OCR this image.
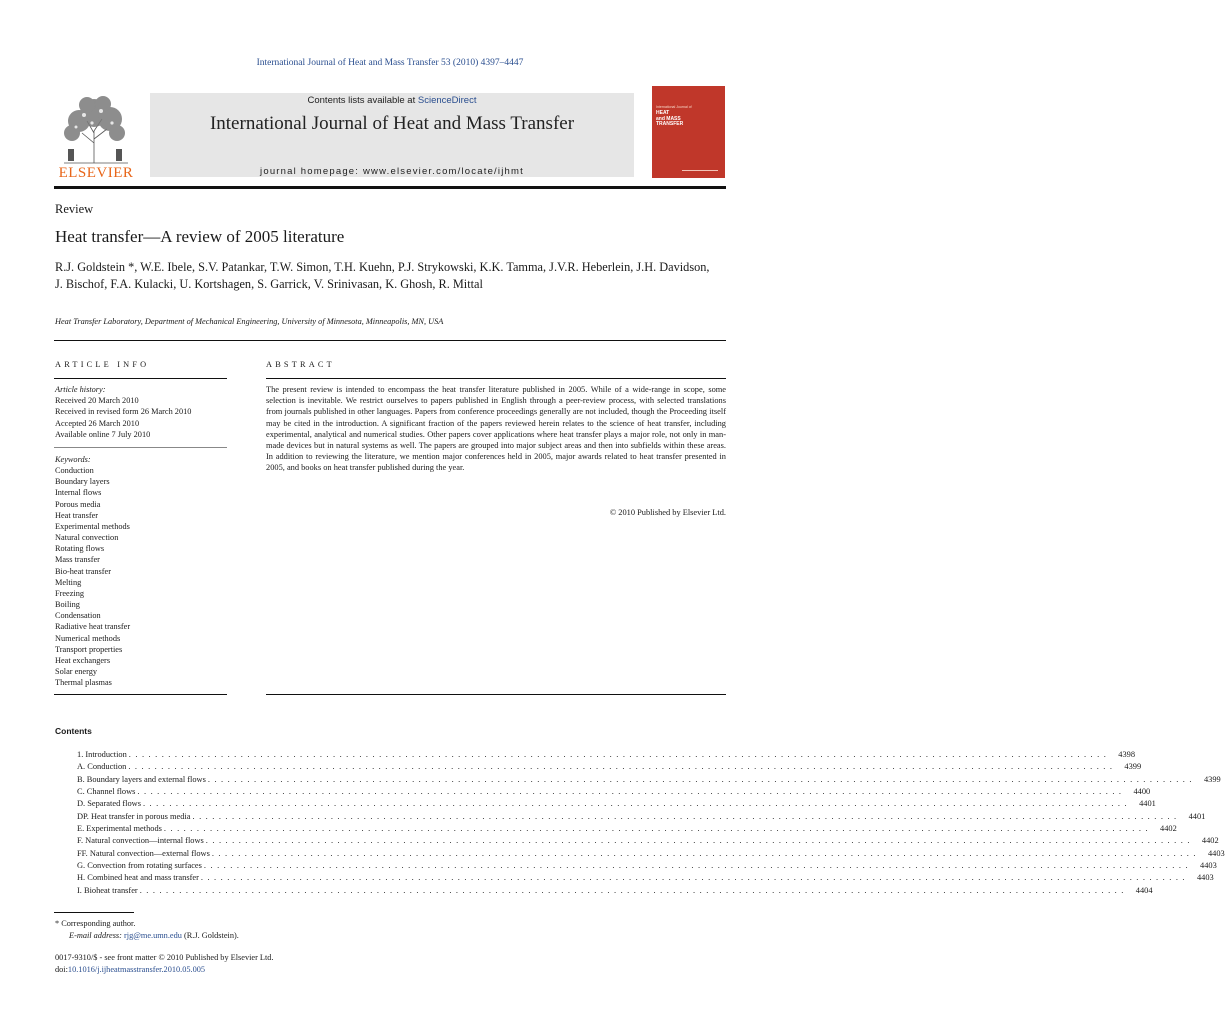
International Journal of Heat and Mass Transfer 53 (2010) 4397–4447
ELSEVIER
Contents lists available at ScienceDirect
International Journal of Heat and Mass Transfer
journal homepage: www.elsevier.com/locate/ijhmt
International Journal of
HEAT
and MASS
TRANSFER
Review
Heat transfer—A review of 2005 literature
R.J. Goldstein *, W.E. Ibele, S.V. Patankar, T.W. Simon, T.H. Kuehn, P.J. Strykowski, K.K. Tamma, J.V.R. Heberlein, J.H. Davidson, J. Bischof, F.A. Kulacki, U. Kortshagen, S. Garrick, V. Srinivasan, K. Ghosh, R. Mittal
Heat Transfer Laboratory, Department of Mechanical Engineering, University of Minnesota, Minneapolis, MN, USA
ARTICLE INFO	ABSTRACT
Article history:
Received 20 March 2010
Received in revised form 26 March 2010
Accepted 26 March 2010
Available online 7 July 2010
Keywords:
Conduction
Boundary layers
Internal flows
Porous media
Heat transfer
Experimental methods
Natural convection
Rotating flows
Mass transfer
Bio-heat transfer
Melting
Freezing
Boiling
Condensation
Radiative heat transfer
Numerical methods
Transport properties
Heat exchangers
Solar energy
Thermal plasmas
The present review is intended to encompass the heat transfer literature published in 2005. While of a wide-range in scope, some selection is inevitable. We restrict ourselves to papers published in English through a peer-review process, with selected translations from journals published in other languages. Papers from conference proceedings generally are not included, though the Proceeding itself may be cited in the introduction. A significant fraction of the papers reviewed herein relates to the science of heat transfer, including experimental, analytical and numerical studies. Other papers cover applications where heat transfer plays a major role, not only in man-made devices but in natural systems as well. The papers are grouped into major subject areas and then into subfields within these areas. In addition to reviewing the literature, we mention major conferences held in 2005, major awards related to heat transfer presented in 2005, and books on heat transfer published during the year.
© 2010 Published by Elsevier Ltd.
Contents
1. Introduction . . . . . . . . . . . . . . . . . . . . . . . . . . . . . . . . . . . . . . . . . . . . . . . . . . . . . . . . . . . . . . . . . . . . . . . . . . . . . . . . . . . . . . . . . . . . . . . . . . . . . . . . . . . . . . . . . . . . . . . . . . . . . . . . . . . . . . . . . . . . . . . . . . . . .	4398
A. Conduction . . . . . . . . . . . . . . . . . . . . . . . . . . . . . . . . . . . . . . . . . . . . . . . . . . . . . . . . . . . . . . . . . . . . . . . . . . . . . . . . . . . . . . . . . . . . . . . . . . . . . . . . . . . . . . . . . . . . . . . . . . . . . . . . . . . . . . . . . . . . . . . . . . . . . .	4399
B. Boundary layers and external flows . . . . . . . . . . . . . . . . . . . . . . . . . . . . . . . . . . . . . . . . . . . . . . . . . . . . . . . . . . . . . . . . . . . . . . . . . . . . . . . . . . . . . . . . . . . . . . . . . . . . . . . . . . . . . . . . . . . . . . . . . . . . . . . . . . . . . . . . . . . . . . . . . . . . . .	4399
C. Channel flows . . . . . . . . . . . . . . . . . . . . . . . . . . . . . . . . . . . . . . . . . . . . . . . . . . . . . . . . . . . . . . . . . . . . . . . . . . . . . . . . . . . . . . . . . . . . . . . . . . . . . . . . . . . . . . . . . . . . . . . . . . . . . . . . . . . . . . . . . . . . . . . . . . . . . .	4400
D. Separated flows . . . . . . . . . . . . . . . . . . . . . . . . . . . . . . . . . . . . . . . . . . . . . . . . . . . . . . . . . . . . . . . . . . . . . . . . . . . . . . . . . . . . . . . . . . . . . . . . . . . . . . . . . . . . . . . . . . . . . . . . . . . . . . . . . . . . . . . . . . . . . . . . . . . . . .	4401
DP. Heat transfer in porous media . . . . . . . . . . . . . . . . . . . . . . . . . . . . . . . . . . . . . . . . . . . . . . . . . . . . . . . . . . . . . . . . . . . . . . . . . . . . . . . . . . . . . . . . . . . . . . . . . . . . . . . . . . . . . . . . . . . . . . . . . . . . . . . . . . . . . . . . . . . . . . . . . . . . . .	4401
E. Experimental methods . . . . . . . . . . . . . . . . . . . . . . . . . . . . . . . . . . . . . . . . . . . . . . . . . . . . . . . . . . . . . . . . . . . . . . . . . . . . . . . . . . . . . . . . . . . . . . . . . . . . . . . . . . . . . . . . . . . . . . . . . . . . . . . . . . . . . . . . . . . . . . . . . . . . . .	4402
F. Natural convection—internal flows . . . . . . . . . . . . . . . . . . . . . . . . . . . . . . . . . . . . . . . . . . . . . . . . . . . . . . . . . . . . . . . . . . . . . . . . . . . . . . . . . . . . . . . . . . . . . . . . . . . . . . . . . . . . . . . . . . . . . . . . . . . . . . . . . . . . . . . . . . . . . . . . . . . . . .	4402
FF. Natural convection—external flows . . . . . . . . . . . . . . . . . . . . . . . . . . . . . . . . . . . . . . . . . . . . . . . . . . . . . . . . . . . . . . . . . . . . . . . . . . . . . . . . . . . . . . . . . . . . . . . . . . . . . . . . . . . . . . . . . . . . . . . . . . . . . . . . . . . . . . . . . . . . . . . . . . . . . .	4403
G. Convection from rotating surfaces . . . . . . . . . . . . . . . . . . . . . . . . . . . . . . . . . . . . . . . . . . . . . . . . . . . . . . . . . . . . . . . . . . . . . . . . . . . . . . . . . . . . . . . . . . . . . . . . . . . . . . . . . . . . . . . . . . . . . . . . . . . . . . . . . . . . . . . . . . . . . . . . . . . . . .	4403
H. Combined heat and mass transfer . . . . . . . . . . . . . . . . . . . . . . . . . . . . . . . . . . . . . . . . . . . . . . . . . . . . . . . . . . . . . . . . . . . . . . . . . . . . . . . . . . . . . . . . . . . . . . . . . . . . . . . . . . . . . . . . . . . . . . . . . . . . . . . . . . . . . . . . . . . . . . . . . . . . . .	4403
I. Bioheat transfer . . . . . . . . . . . . . . . . . . . . . . . . . . . . . . . . . . . . . . . . . . . . . . . . . . . . . . . . . . . . . . . . . . . . . . . . . . . . . . . . . . . . . . . . . . . . . . . . . . . . . . . . . . . . . . . . . . . . . . . . . . . . . . . . . . . . . . . . . . . . . . . . . . . . . .	4404
* Corresponding author.
E-mail address: rjg@me.umn.edu (R.J. Goldstein).
0017-9310/$ - see front matter © 2010 Published by Elsevier Ltd.
doi:10.1016/j.ijheatmasstransfer.2010.05.005
